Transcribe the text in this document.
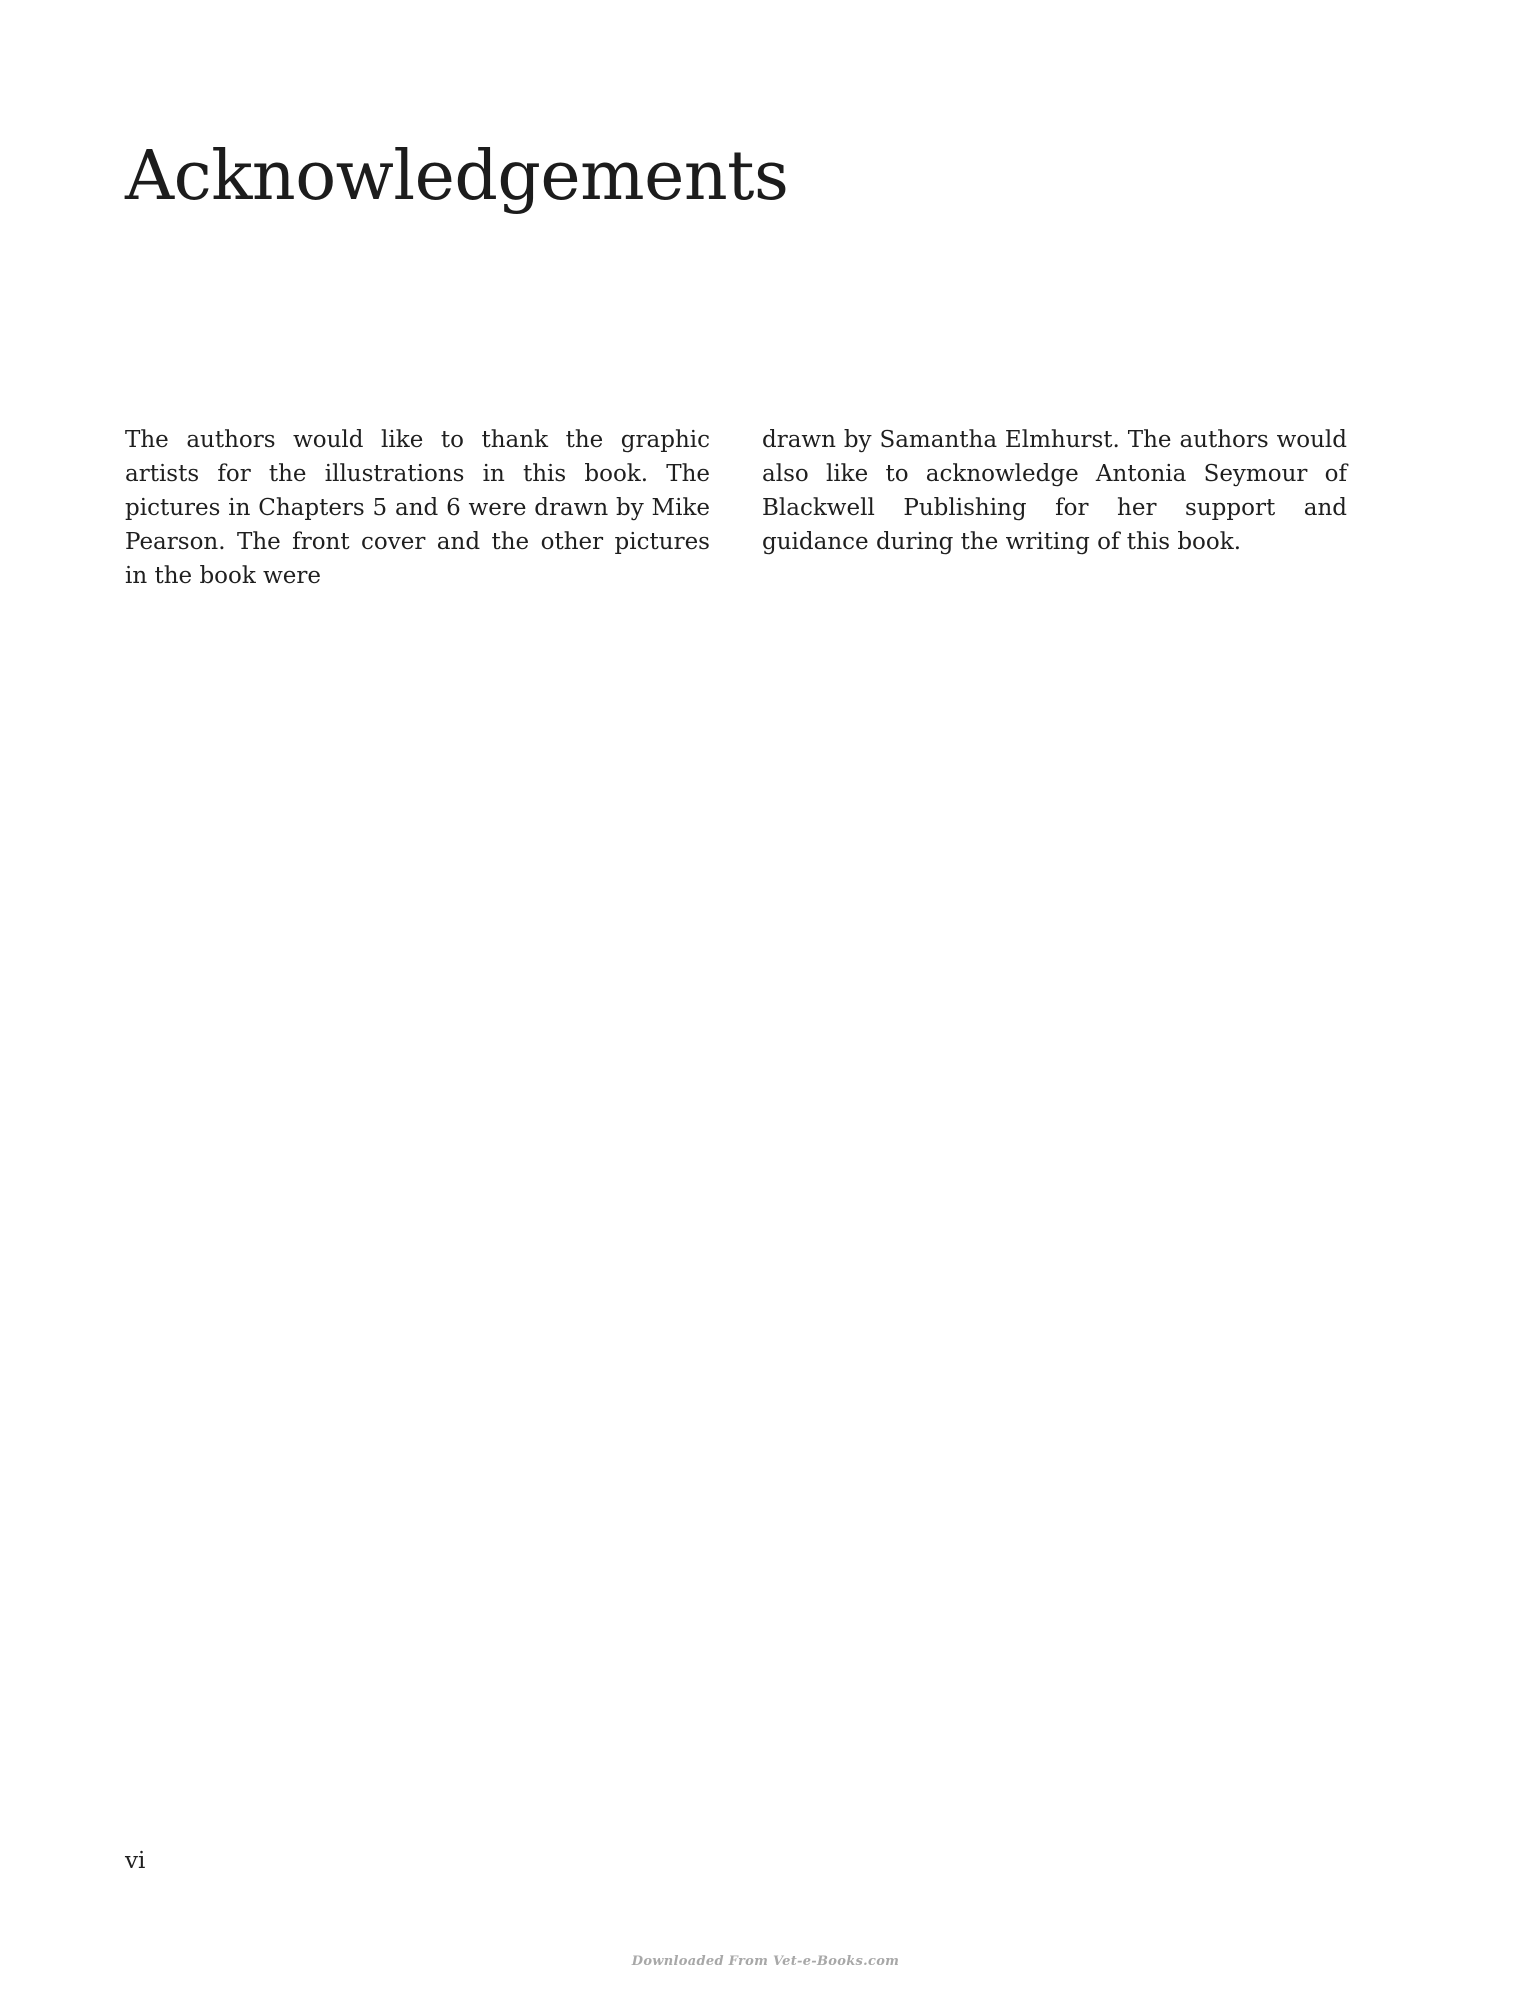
Acknowledgements
The authors would like to thank the graphic artists for the illustrations in this book. The pictures in Chapters 5 and 6 were drawn by Mike Pearson. The front cover and the other pictures in the book were
drawn by Samantha Elmhurst. The authors would also like to acknowledge Antonia Seymour of Blackwell Publishing for her support and guidance during the writing of this book.
vi
Downloaded From Vet-e-Books.com
